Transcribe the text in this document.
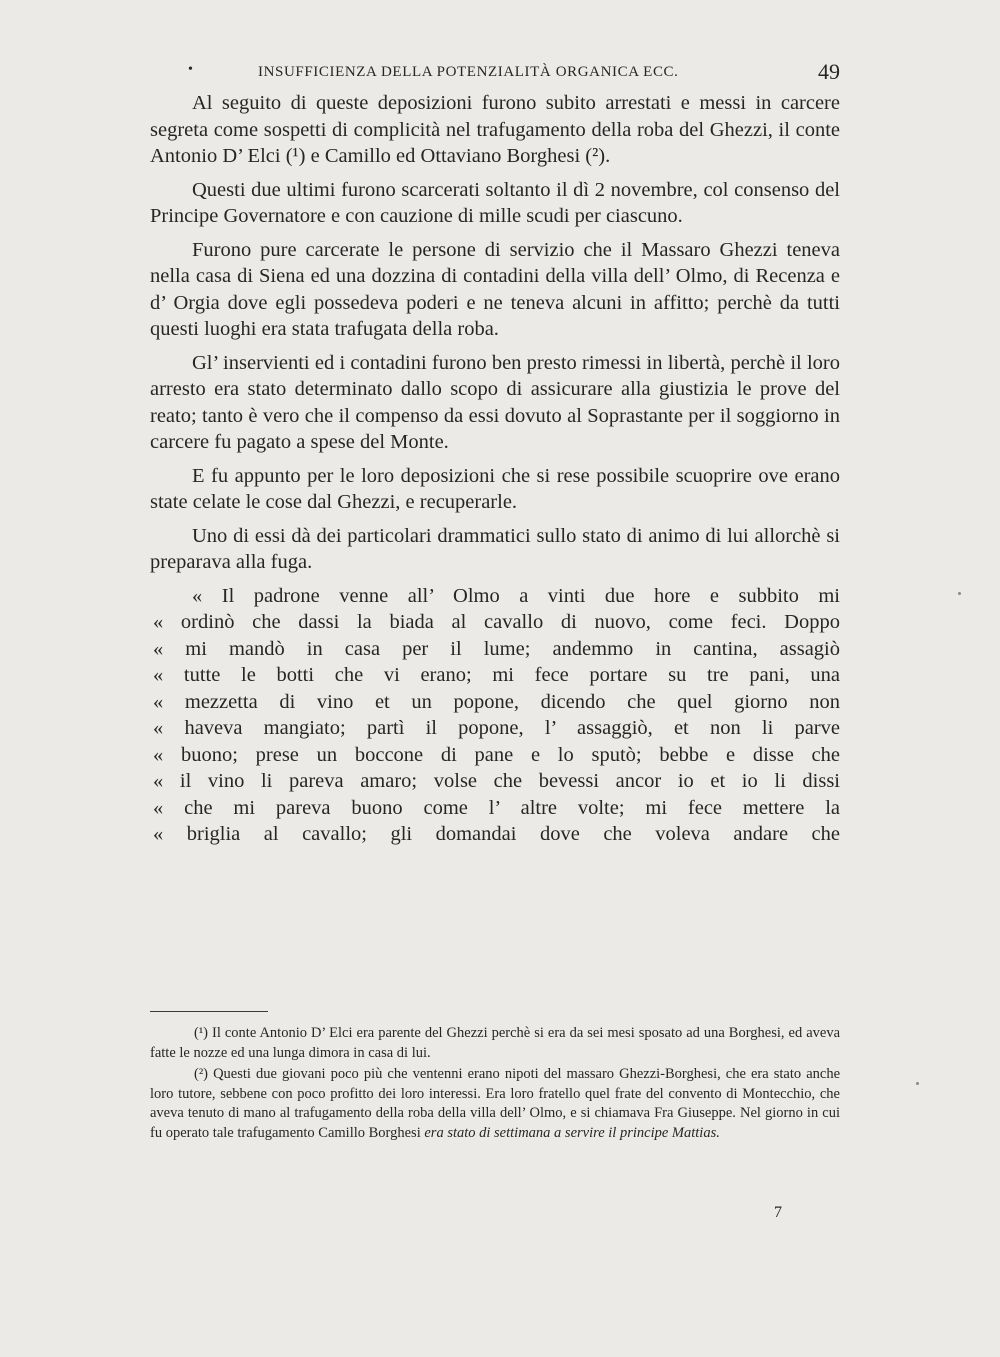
•	INSUFFICIENZA DELLA POTENZIALITÀ ORGANICA ECC.	49

Al seguito di queste deposizioni furono subito arrestati e messi in carcere segreta come sospetti di complicità nel trafugamento della roba del Ghezzi, il conte Antonio D’ Elci (¹) e Camillo ed Ottaviano Borghesi (²).

Questi due ultimi furono scarcerati soltanto il dì 2 novembre, col consenso del Principe Governatore e con cauzione di mille scudi per ciascuno.

Furono pure carcerate le persone di servizio che il Massaro Ghezzi teneva nella casa di Siena ed una dozzina di contadini della villa dell’ Olmo, di Recenza e d’ Orgia dove egli possedeva poderi e ne teneva alcuni in affitto; perchè da tutti questi luoghi era stata trafugata della roba.

Gl’ inservienti ed i contadini furono ben presto rimessi in libertà, perchè il loro arresto era stato determinato dallo scopo di assicurare alla giustizia le prove del reato; tanto è vero che il compenso da essi dovuto al Soprastante per il soggiorno in carcere fu pagato a spese del Monte.

E fu appunto per le loro deposizioni che si rese possibile scuoprire ove erano state celate le cose dal Ghezzi, e recuperarle.

Uno di essi dà dei particolari drammatici sullo stato di animo di lui allorchè si preparava alla fuga.

« Il padrone venne all’ Olmo a vinti due hore e subbito mi
« ordinò che dassi la biada al cavallo di nuovo, come feci. Doppo
« mi mandò in casa per il lume; andemmo in cantina, assagiò
« tutte le botti che vi erano; mi fece portare su tre pani, una
« mezzetta di vino et un popone, dicendo che quel giorno non
« haveva mangiato; partì il popone, l’ assaggiò, et non li parve
« buono; prese un boccone di pane e lo sputò; bebbe e disse che
« il vino li pareva amaro; volse che bevessi ancor io et io li dissi
« che mi pareva buono come l’ altre volte; mi fece mettere la
« briglia al cavallo; gli domandai dove che voleva andare che

(¹) Il conte Antonio D’ Elci era parente del Ghezzi perchè si era da sei mesi sposato ad una Borghesi, ed aveva fatte le nozze ed una lunga dimora in casa di lui.

(²) Questi due giovani poco più che ventenni erano nipoti del massaro Ghezzi-Borghesi, che era stato anche loro tutore, sebbene con poco profitto dei loro interessi. Era loro fratello quel frate del convento di Montecchio, che aveva tenuto di mano al trafugamento della roba della villa dell’ Olmo, e si chiamava Fra Giuseppe. Nel giorno in cui fu operato tale trafugamento Camillo Borghesi era stato di settimana a servire il principe Mattias.

7
